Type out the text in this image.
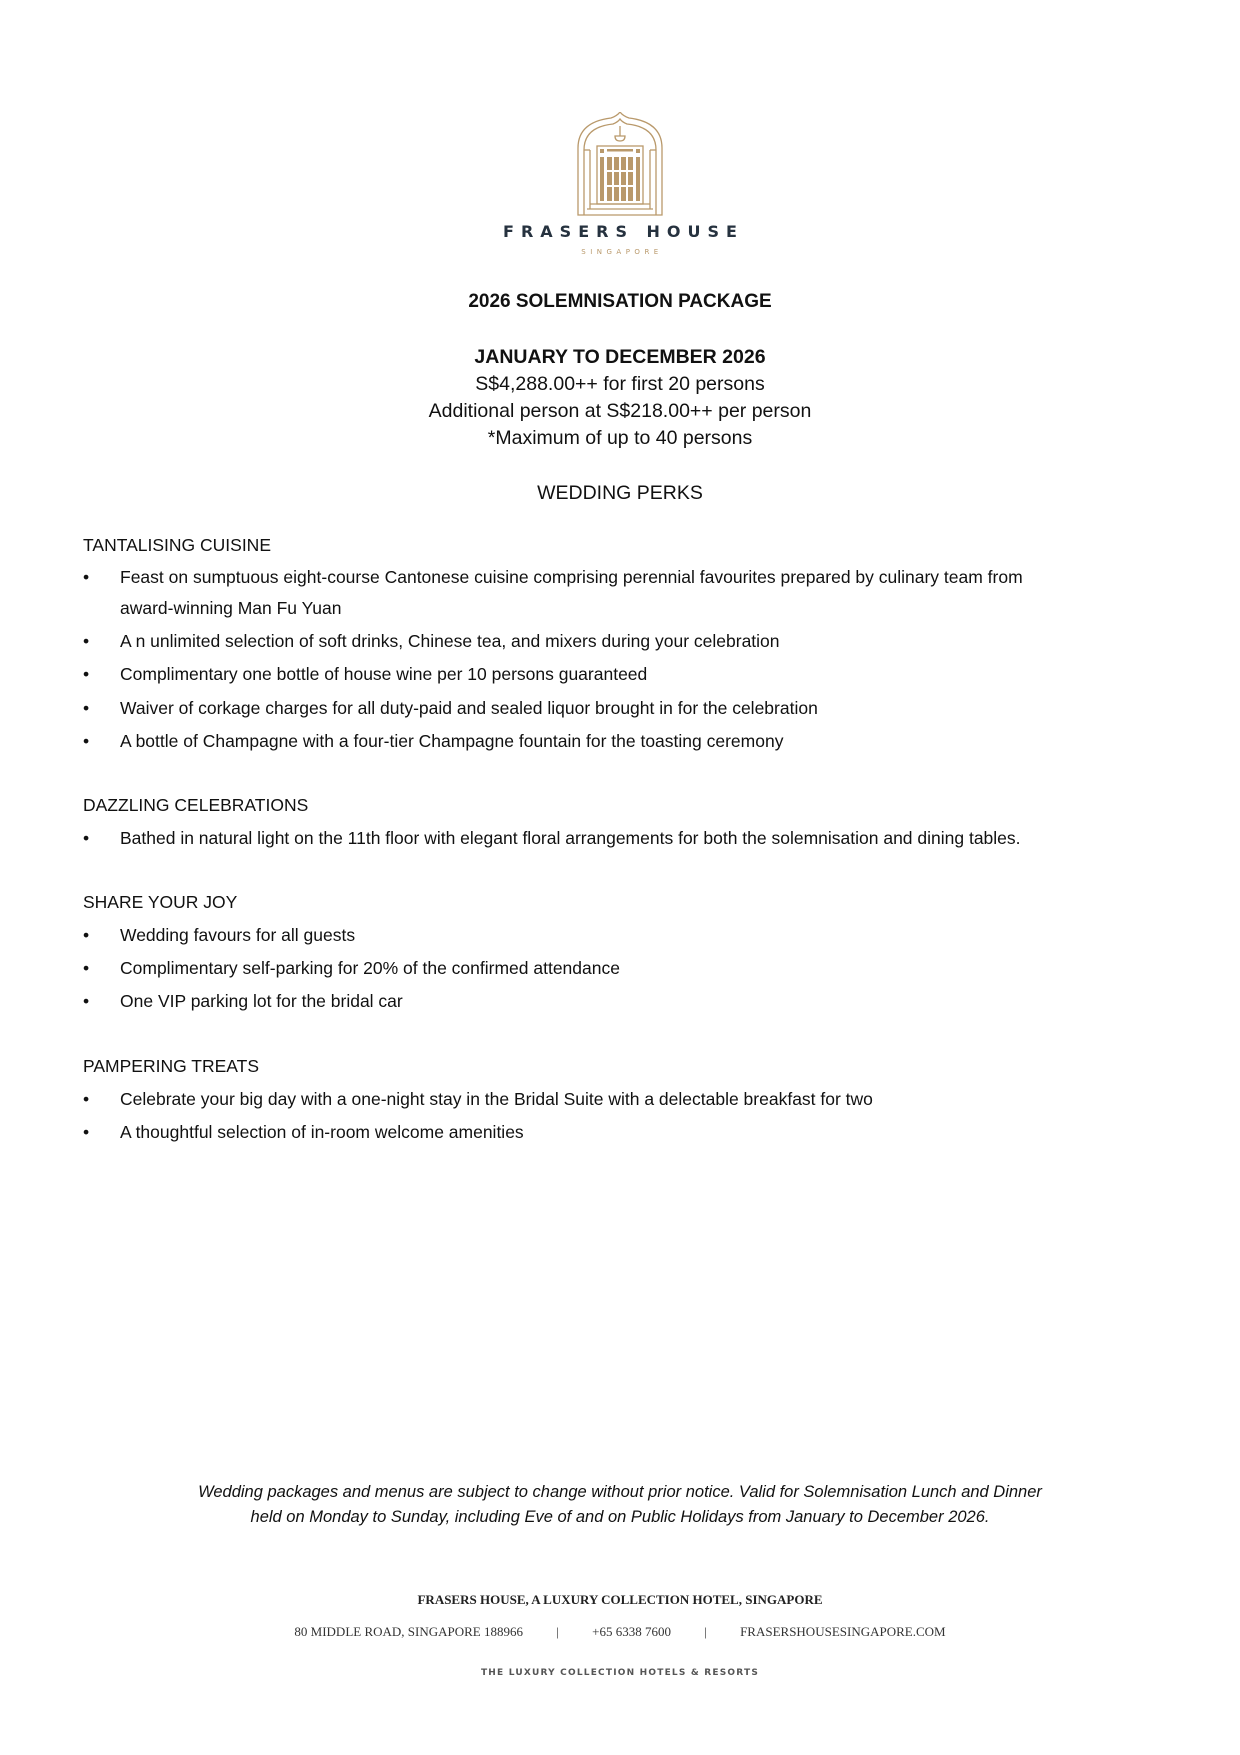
FRASERS HOUSE
SINGAPORE
2026 SOLEMNISATION PACKAGE
JANUARY TO DECEMBER 2026
S$4,288.00++ for first 20 persons
Additional person at S$218.00++ per person
*Maximum of up to 40 persons
WEDDING PERKS
TANTALISING CUISINE
• Feast on sumptuous eight-course Cantonese cuisine comprising perennial favourites prepared by culinary team from
award-winning Man Fu Yuan
• A n unlimited selection of soft drinks, Chinese tea, and mixers during your celebration
• Complimentary one bottle of house wine per 10 persons guaranteed
• Waiver of corkage charges for all duty-paid and sealed liquor brought in for the celebration
• A bottle of Champagne with a four-tier Champagne fountain for the toasting ceremony
DAZZLING CELEBRATIONS
• Bathed in natural light on the 11th floor with elegant floral arrangements for both the solemnisation and dining tables.
SHARE YOUR JOY
• Wedding favours for all guests
• Complimentary self-parking for 20% of the confirmed attendance
• One VIP parking lot for the bridal car
PAMPERING TREATS
• Celebrate your big day with a one-night stay in the Bridal Suite with a delectable breakfast for two
• A thoughtful selection of in-room welcome amenities
Wedding packages and menus are subject to change without prior notice. Valid for Solemnisation Lunch and Dinner
held on Monday to Sunday, including Eve of and on Public Holidays from January to December 2026.
FRASERS HOUSE, A LUXURY COLLECTION HOTEL, SINGAPORE
80 MIDDLE ROAD, SINGAPORE 188966	|	+65 6338 7600	|	FRASERSHOUSESINGAPORE.COM
THE LUXURY COLLECTION HOTELS & RESORTS
